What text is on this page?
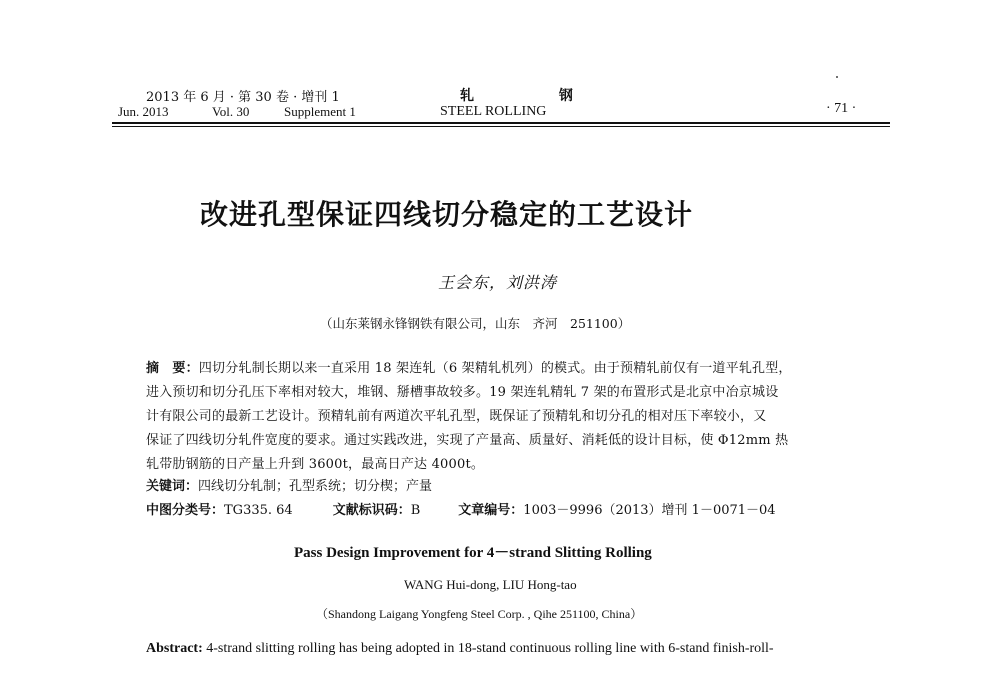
2013 年 6 月 · 第 30 卷 · 增刊 1
Jun. 2013	Vol. 30	Supplement 1
轧 钢
STEEL ROLLING	· 71 ·
改进孔型保证四线切分稳定的工艺设计
王会东，刘洪涛
（山东莱钢永锋钢铁有限公司，山东　齐河　251100）
摘　要：四切分轧制长期以来一直采用 18 架连轧（6 架精轧机列）的模式。由于预精轧前仅有一道平轧孔型，
进入预切和切分孔压下率相对较大，堆钢、掰槽事故较多。19 架连轧精轧 7 架的布置形式是北京中冶京城设
计有限公司的最新工艺设计。预精轧前有两道次平轧孔型，既保证了预精轧和切分孔的相对压下率较小，又
保证了四线切分轧件宽度的要求。通过实践改进，实现了产量高、质量好、消耗低的设计目标，使 Φ12mm 热
轧带肋钢筋的日产量上升到 3600t，最高日产达 4000t。
关键词：四线切分轧制；孔型系统；切分楔；产量
中图分类号：TG335. 64	文献标识码：B	文章编号：1003－9996（2013）增刊 1－0071－04
Pass Design Improvement for 4－strand Slitting Rolling
WANG Hui-dong, LIU Hong-tao
（Shandong Laigang Yongfeng Steel Corp. , Qihe 251100, China）
Abstract: 4-strand slitting rolling has being adopted in 18-stand continuous rolling line with 6-stand finish-roll-
